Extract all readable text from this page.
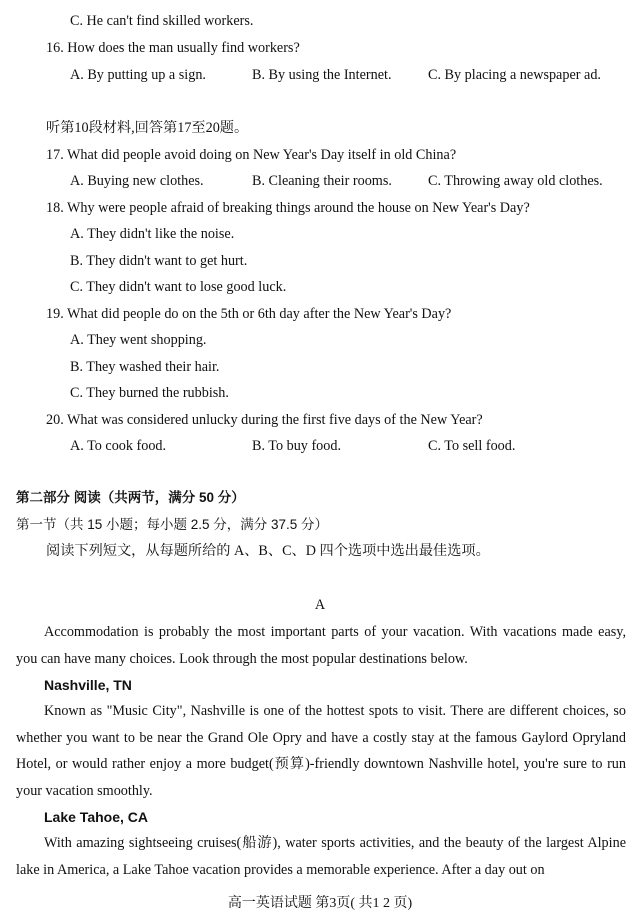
C. He can't find skilled workers.
16. How does the man usually find workers?
A. By putting up a sign.	B. By using the Internet.	C. By placing a newspaper ad.
听第10段材料,回答第17至20题。
17. What did people avoid doing on New Year's Day itself in old China?
A. Buying new clothes.	B. Cleaning their rooms.	C. Throwing away old clothes.
18. Why were people afraid of breaking things around the house on New Year's Day?
A. They didn't like the noise.
B. They didn't want to get hurt.
C. They didn't want to lose good luck.
19. What did people do on the 5th or 6th day after the New Year's Day?
A. They went shopping.
B. They washed their hair.
C. They burned the rubbish.
20. What was considered unlucky during the first five days of the New Year?
A. To cook food.	B. To buy food.	C. To sell food.
第二部分 阅读（共两节，满分 50 分）
第一节（共 15 小题；每小题 2.5 分，满分 37.5 分）
阅读下列短文，从每题所给的 A、B、C、D 四个选项中选出最佳选项。
A
Accommodation is probably the most important parts of your vacation. With vacations made easy, you can have many choices. Look through the most popular destinations below.
Nashville, TN
Known as "Music City", Nashville is one of the hottest spots to visit. There are different choices, so whether you want to be near the Grand Ole Opry and have a costly stay at the famous Gaylord Opryland Hotel, or would rather enjoy a more budget(预算)-friendly downtown Nashville hotel, you're sure to run your vacation smoothly.
Lake Tahoe, CA
With amazing sightseeing cruises(船游), water sports activities, and the beauty of the largest Alpine lake in America, a Lake Tahoe vacation provides a memorable experience. After a day out on
高一英语试题 第3页( 共1 2 页)
